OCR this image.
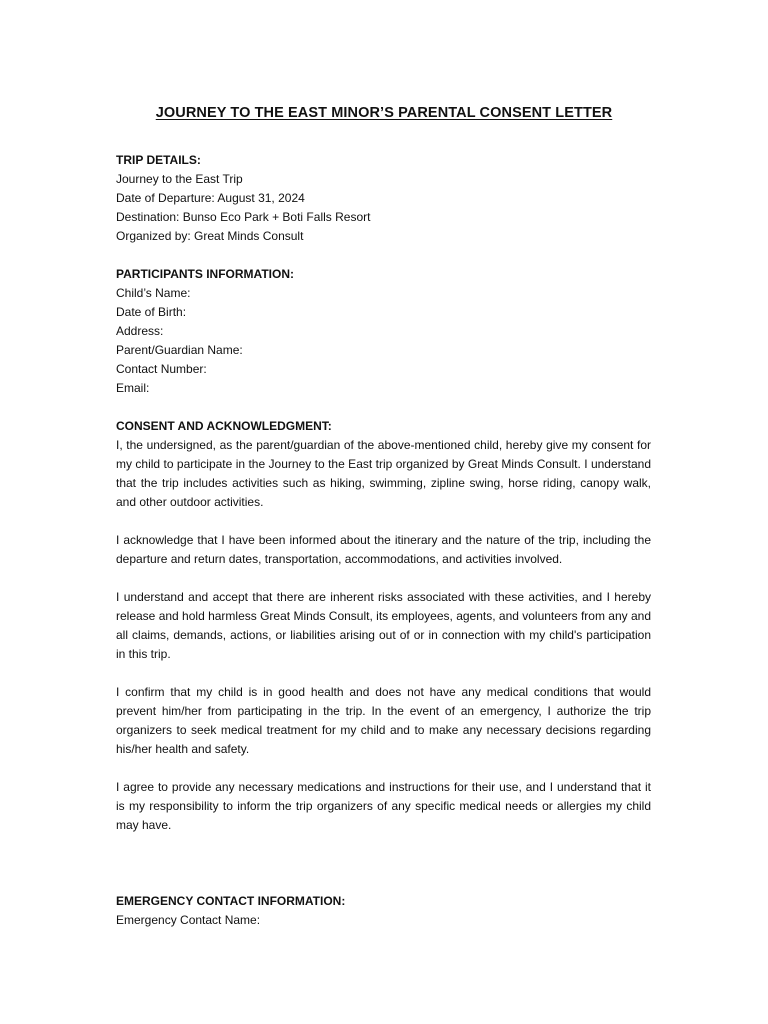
JOURNEY TO THE EAST MINOR’S PARENTAL CONSENT LETTER

TRIP DETAILS:

Journey to the East Trip

Date of Departure: August 31, 2024

Destination: Bunso Eco Park + Boti Falls Resort

Organized by: Great Minds Consult

PARTICIPANTS INFORMATION:

Child’s Name:

Date of Birth:

Address:

Parent/Guardian Name:

Contact Number:

Email:

CONSENT AND ACKNOWLEDGMENT:

I, the undersigned, as the parent/guardian of the above-mentioned child, hereby give my consent for my child to participate in the Journey to the East trip organized by Great Minds Consult. I understand that the trip includes activities such as hiking, swimming, zipline swing, horse riding, canopy walk, and other outdoor activities.

I acknowledge that I have been informed about the itinerary and the nature of the trip, including the departure and return dates, transportation, accommodations, and activities involved.

I understand and accept that there are inherent risks associated with these activities, and I hereby release and hold harmless Great Minds Consult, its employees, agents, and volunteers from any and all claims, demands, actions, or liabilities arising out of or in connection with my child's participation in this trip.

I confirm that my child is in good health and does not have any medical conditions that would prevent him/her from participating in the trip. In the event of an emergency, I authorize the trip organizers to seek medical treatment for my child and to make any necessary decisions regarding his/her health and safety.

I agree to provide any necessary medications and instructions for their use, and I understand that it is my responsibility to inform the trip organizers of any specific medical needs or allergies my child may have.

EMERGENCY CONTACT INFORMATION:

Emergency Contact Name:
